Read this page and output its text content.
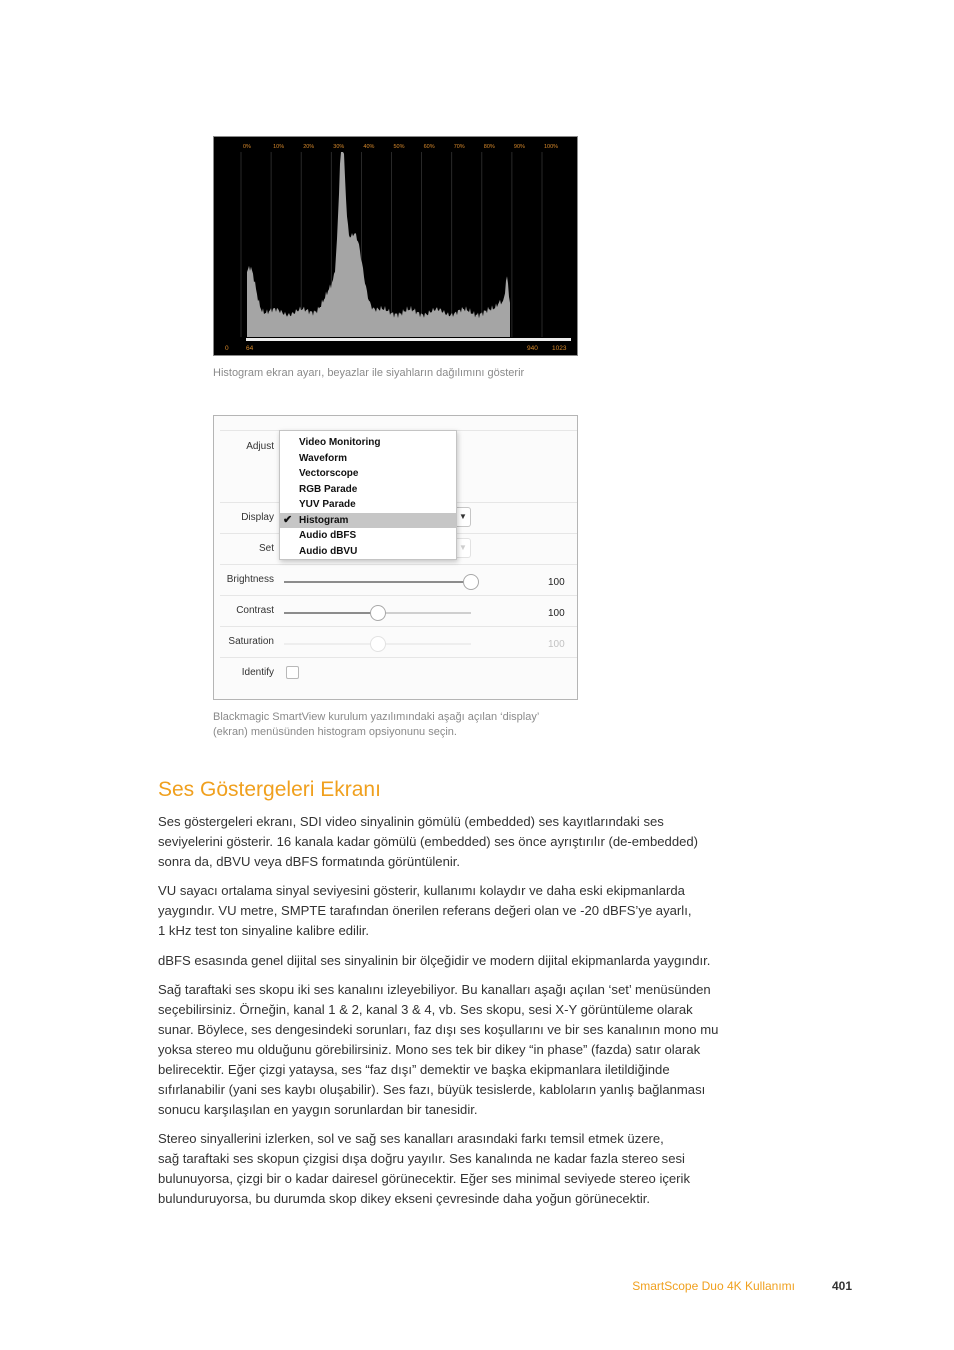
0%	10%	20%	30%	40%	50%	60%	70%	80%	90%	100%
0	64	940 1023
Histogram ekran ayarı, beyazlar ile siyahların dağılımını gösterir
Adjust
Display	▼
Set	▼
Brightness	100
Contrast	100
Saturation	100
Identify
Video Monitoring
Waveform
Vectorscope
RGB Parade
YUV Parade
✔ Histogram
Audio dBFS
Audio dBVU
Blackmagic SmartView kurulum yazılımındaki aşağı açılan ‘display’
(ekran) menüsünden histogram opsiyonunu seçin.
Ses Göstergeleri Ekranı
Ses göstergeleri ekranı, SDI video sinyalinin gömülü (embedded) ses kayıtlarındaki ses
seviyelerini gösterir. 16 kanala kadar gömülü (embedded) ses önce ayrıştırılır (de-embedded)
sonra da, dBVU veya dBFS formatında görüntülenir.
VU sayacı ortalama sinyal seviyesini gösterir, kullanımı kolaydır ve daha eski ekipmanlarda
yaygındır. VU metre, SMPTE tarafından önerilen referans değeri olan ve -20 dBFS’ye ayarlı,
1 kHz test ton sinyaline kalibre edilir.
dBFS esasında genel dijital ses sinyalinin bir ölçeğidir ve modern dijital ekipmanlarda yaygındır.
Sağ taraftaki ses skopu iki ses kanalını izleyebiliyor. Bu kanalları aşağı açılan ‘set’ menüsünden
seçebilirsiniz. Örneğin, kanal 1 & 2, kanal 3 & 4, vb. Ses skopu, sesi X-Y görüntüleme olarak
sunar. Böylece, ses dengesindeki sorunları, faz dışı ses koşullarını ve bir ses kanalının mono mu
yoksa stereo mu olduğunu görebilirsiniz. Mono ses tek bir dikey “in phase” (fazda) satır olarak
belirecektir. Eğer çizgi yataysa, ses “faz dışı” demektir ve başka ekipmanlara iletildiğinde
sıfırlanabilir (yani ses kaybı oluşabilir). Ses fazı, büyük tesislerde, kabloların yanlış bağlanması
sonucu karşılaşılan en yaygın sorunlardan bir tanesidir.
Stereo sinyallerini izlerken, sol ve sağ ses kanalları arasındaki farkı temsil etmek üzere,
sağ taraftaki ses skopun çizgisi dışa doğru yayılır. Ses kanalında ne kadar fazla stereo sesi
bulunuyorsa, çizgi bir o kadar dairesel görünecektir. Eğer ses minimal seviyede stereo içerik
bulunduruyorsa, bu durumda skop dikey ekseni çevresinde daha yoğun görünecektir.
SmartScope Duo 4K Kullanımı	401
